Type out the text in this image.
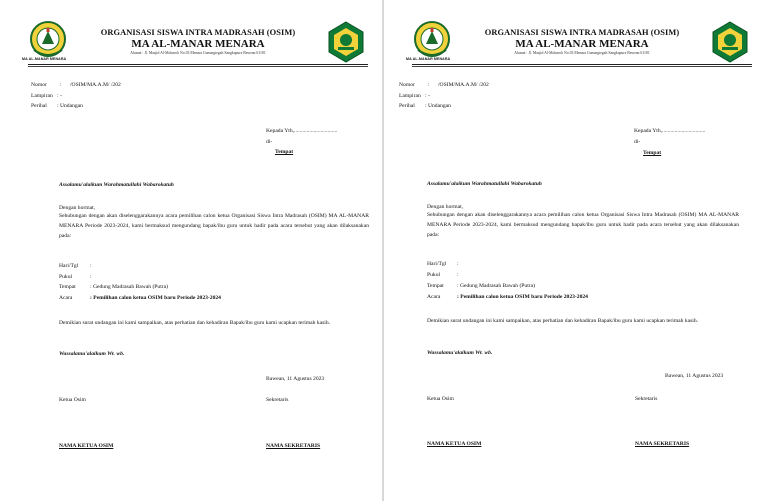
MA AL-MANAR MENARA
ORGANISASI SISWA INTRA MADRASAH (OSIM)
MA AL-MANAR MENARA
Alamat : Jl. Masjid Al-Mubarok No.03 Menara Gunungtegah Sangkapura Bawean 61181
Nomor : /OSIM/MA.A.M/ /202
Lampiran : -
Perihal : Undangan
Kepada Yth,...............................
di-
Tempat
Assalamu'alaikum Warahmatullahi Wabarokatuh
Dengan hormat,
Sehubungan dengan akan diselenggarakannya acara pemilihan calon ketua Organisasi Siswa Intra Madrasah (OSIM) MA AL-MANAR MENARA Periode 2023-2024, kami bermaksud mengundang bapak/ibu guru untuk hadir pada acara tersebut yang akan dilaksanakan pada:
Hari/Tgl :
Pukul	:
Tempat	: Gedung Madrasah Bawah (Putra)
Acara	: Pemilihan calon ketua OSIM baru Periode 2023-2024
Demikian surat undangan ini kami sampaikan, atas perhatian dan kehadiran Bapak/ibu guru kami ucapkan terimah kasih.
Wassalamu'alaikum Wr. wb.
Bawean, 11 Agustus 2023
Ketua Osim	Sekretaris
NAMA KETUA OSIM	NAMA SEKRETARIS
MA AL-MANAR MENARA
ORGANISASI SISWA INTRA MADRASAH (OSIM)
MA AL-MANAR MENARA
Alamat : Jl. Masjid Al-Mubarok No.03 Menara Gunungtegah Sangkapura Bawean 61181
Nomor : /OSIM/MA.A.M/ /202
Lampiran : -
Perihal : Undangan
Kepada Yth,...............................
di-
Tempat
Assalamu'alaikum Warahmatullahi Wabarokatuh
Dengan hormat,
Sehubungan dengan akan diselenggarakannya acara pemilihan calon ketua Organisasi Siswa Intra Madrasah (OSIM) MA AL-MANAR MENARA Periode 2023-2024, kami bermaksud mengundang bapak/ibu guru untuk hadir pada acara tersebut yang akan dilaksanakan pada:
Hari/Tgl :
Pukul	:
Tempat : Gedung Madrasah Bawah (Putra)
Acara	: Pemilihan calon ketua OSIM baru Periode 2023-2024
Demikian surat undangan ini kami sampaikan, atas perhatian dan kehadiran Bapak/ibu guru kami ucapkan terimah kasih.
Wassalamu'alaikum Wr. wb.
Bawean, 11 Agustus 2023
Ketua Osim	Sekretaris
NAMA KETUA OSIM	NAMA SEKRETARIS
